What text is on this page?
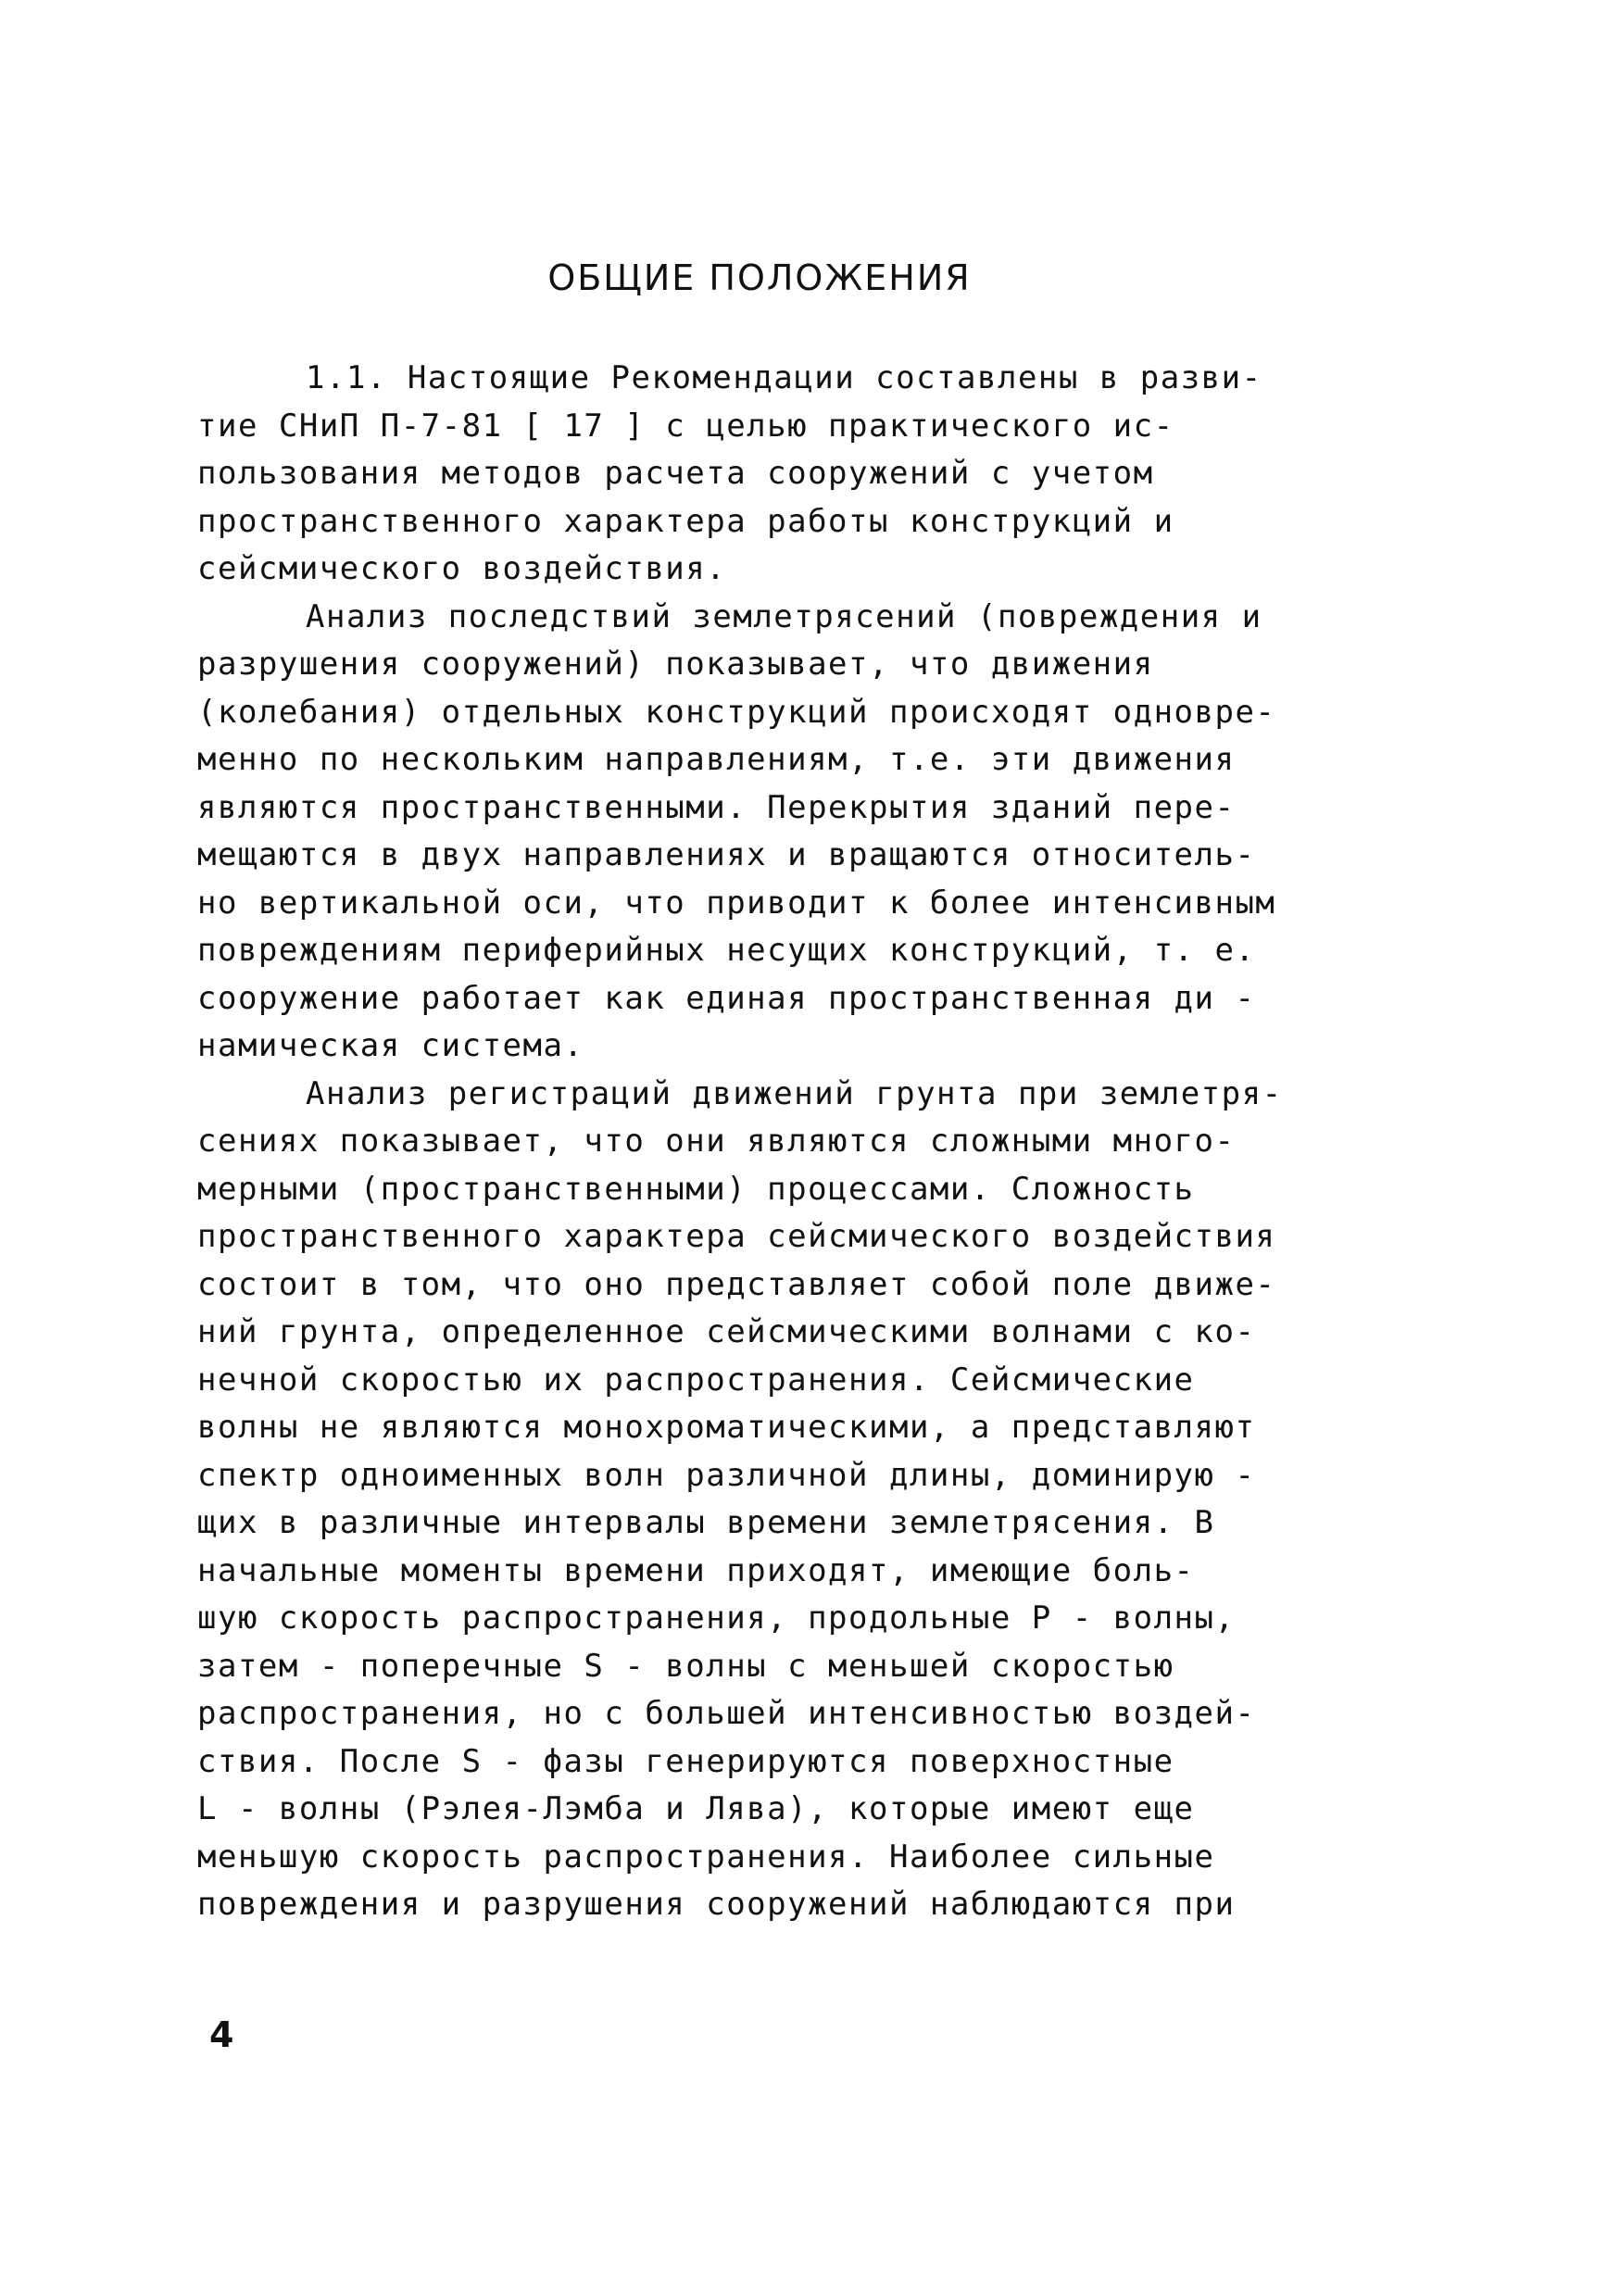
ОБЩИЕ ПОЛОЖЕНИЯ
1.1. Настоящие Рекомендации составлены в разви-
тие СНиП П-7-81 [ 17 ] с целью практического ис-
пользования методов расчета сооружений с учетом
пространственного характера работы конструкций и
сейсмического воздействия.
Анализ последствий землетрясений (повреждения и
разрушения сооружений) показывает, что движения
(колебания) отдельных конструкций происходят одновре-
менно по нескольким направлениям, т.е. эти движения
являются пространственными. Перекрытия зданий пере-
мещаются в двух направлениях и вращаются относитель-
но вертикальной оси, что приводит к более интенсивным
повреждениям периферийных несущих конструкций, т. е.
сооружение работает как единая пространственная ди -
намическая система.
Анализ регистраций движений грунта при землетря-
сениях показывает, что они являются сложными много-
мерными (пространственными) процессами. Сложность
пространственного характера сейсмического воздействия
состоит в том, что оно представляет собой поле движе-
ний грунта, определенное сейсмическими волнами с ко-
нечной скоростью их распространения. Сейсмические
волны не являются монохроматическими, а представляют
спектр одноименных волн различной длины, доминирую -
щих в различные интервалы времени землетрясения. В
начальные моменты времени приходят, имеющие боль-
шую скорость распространения, продольные P - волны,
затем - поперечные S - волны с меньшей скоростью
распространения, но с большей интенсивностью воздей-
ствия. После S - фазы генерируются поверхностные
L - волны (Рэлея-Лэмба и Лява), которые имеют еще
меньшую скорость распространения. Наиболее сильные
повреждения и разрушения сооружений наблюдаются при
4
